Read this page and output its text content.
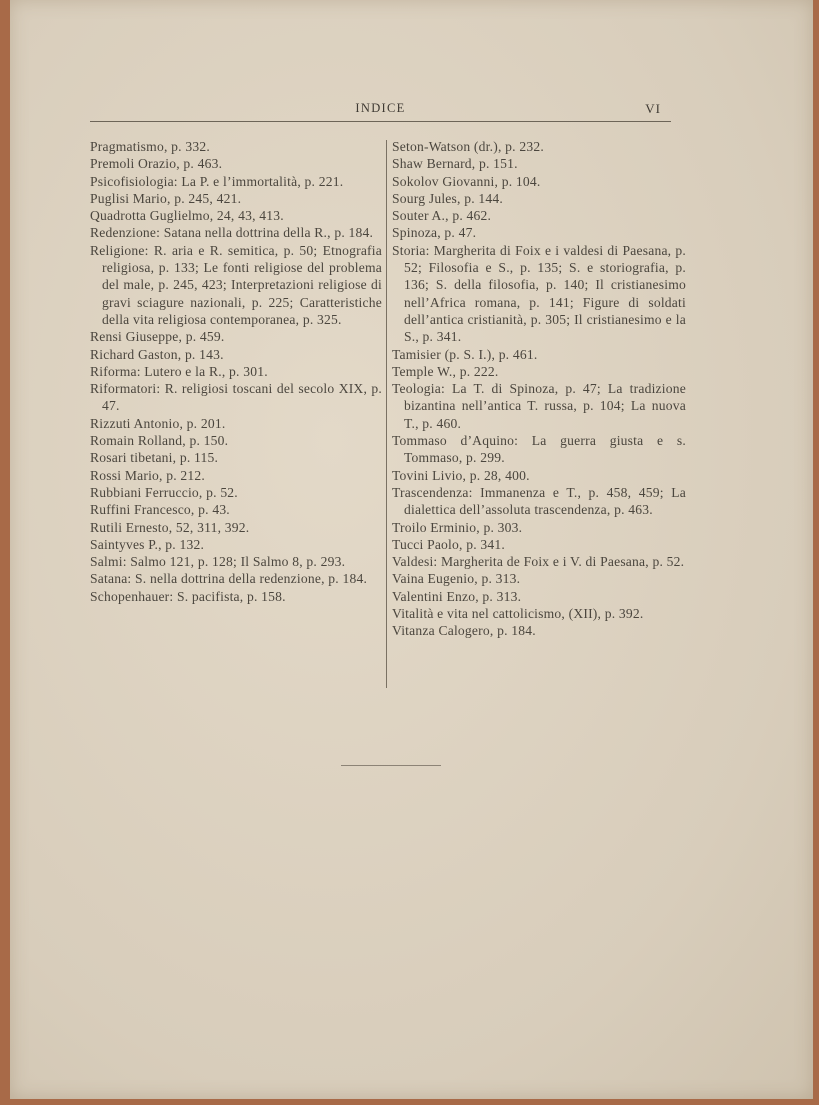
INDICE	VI

Pragmatismo, p. 332.

Premoli Orazio, p. 463.

Psicofisiologia: La P. e l’immortalità, p. 221.

Puglisi Mario, p. 245, 421.

Quadrotta Guglielmo, 24, 43, 413.

Redenzione: Satana nella dottrina della R., p. 184.

Religione: R. aria e R. semitica, p. 50; Etnografia religiosa, p. 133; Le fonti religiose del problema del male, p. 245, 423; Interpretazioni religiose di gravi sciagure nazionali, p. 225; Caratteristiche della vita religiosa contemporanea, p. 325.

Rensi Giuseppe, p. 459.

Richard Gaston, p. 143.

Riforma: Lutero e la R., p. 301.

Riformatori: R. religiosi toscani del secolo XIX, p. 47.

Rizzuti Antonio, p. 201.

Romain Rolland, p. 150.

Rosari tibetani, p. 115.

Rossi Mario, p. 212.

Rubbiani Ferruccio, p. 52.

Ruffini Francesco, p. 43.

Rutili Ernesto, 52, 311, 392.

Saintyves P., p. 132.

Salmi: Salmo 121, p. 128; Il Salmo 8, p. 293.

Satana: S. nella dottrina della redenzione, p. 184.

Schopenhauer: S. pacifista, p. 158.

Seton-Watson (dr.), p. 232.

Shaw Bernard, p. 151.

Sokolov Giovanni, p. 104.

Sourg Jules, p. 144.

Souter A., p. 462.

Spinoza, p. 47.

Storia: Margherita di Foix e i valdesi di Paesana, p. 52; Filosofia e S., p. 135; S. e storiografia, p. 136; S. della filosofia, p. 140; Il cristianesimo nell’Africa romana, p. 141; Figure di soldati dell’antica cristianità, p. 305; Il cristianesimo e la S., p. 341.

Tamisier (p. S. I.), p. 461.

Temple W., p. 222.

Teologia: La T. di Spinoza, p. 47; La tradizione bizantina nell’antica T. russa, p. 104; La nuova T., p. 460.

Tommaso d’Aquino: La guerra giusta e s. Tommaso, p. 299.

Tovini Livio, p. 28, 400.

Trascendenza: Immanenza e T., p. 458, 459; La dialettica dell’assoluta trascendenza, p. 463.

Troilo Erminio, p. 303.

Tucci Paolo, p. 341.

Valdesi: Margherita de Foix e i V. di Paesana, p. 52.

Vaina Eugenio, p. 313.

Valentini Enzo, p. 313.

Vitalità e vita nel cattolicismo, (XII), p. 392.

Vitanza Calogero, p. 184.
